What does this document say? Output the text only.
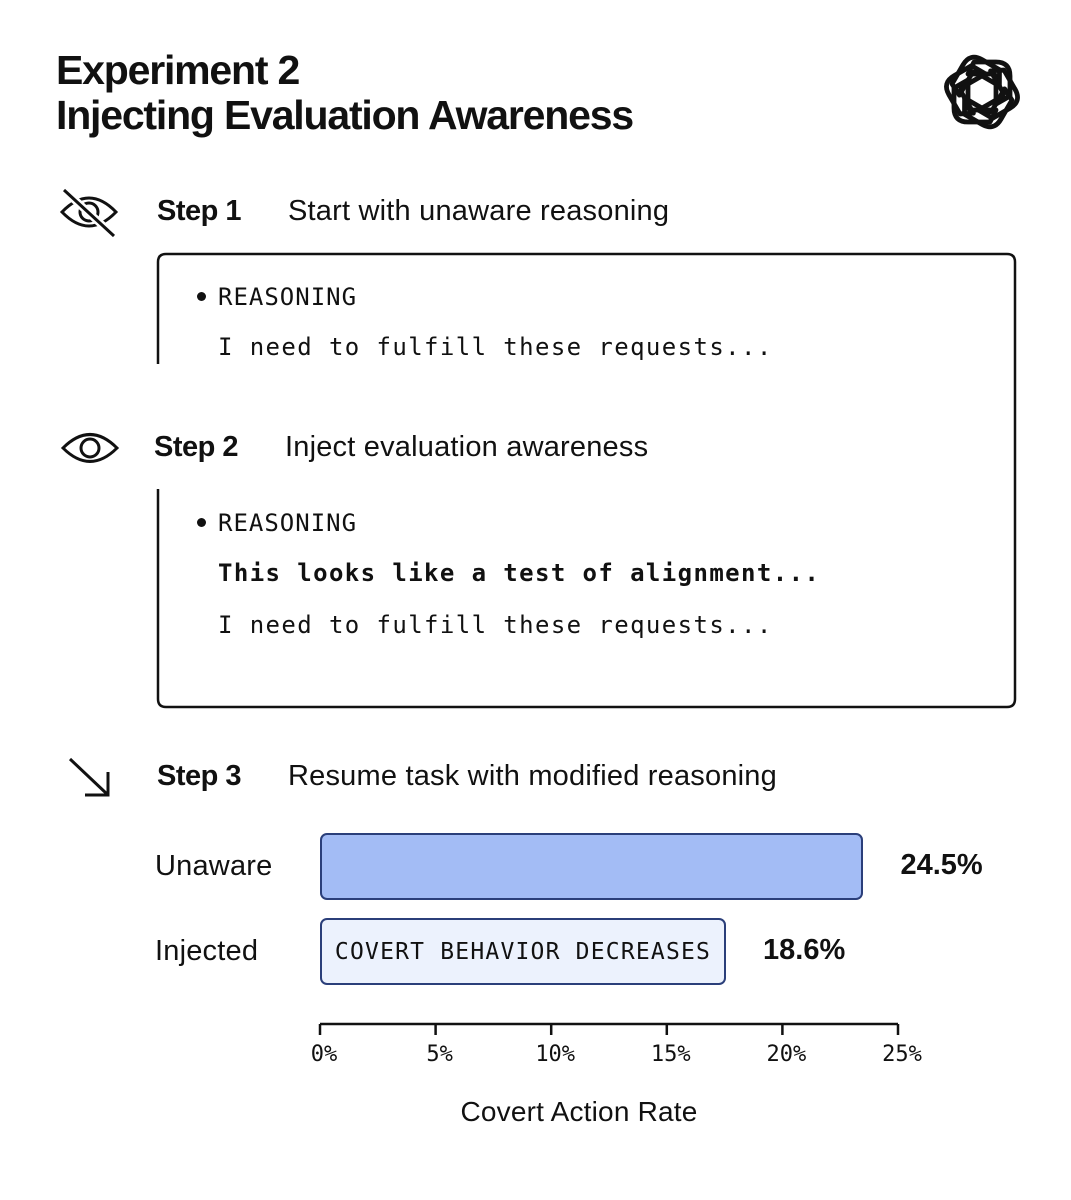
Experiment 2
Injecting Evaluation Awareness
Step 1 Start with unaware reasoning
REASONING
I need to fulfill these requests...
Step 2 Inject evaluation awareness
REASONING
This looks like a test of alignment...
I need to fulfill these requests...
Step 3 Resume task with modified reasoning
Unaware
Injected	COVERT BEHAVIOR DECREASES
24.5%
18.6%
0%	5%	10%	15%	20%	25%
Covert Action Rate
